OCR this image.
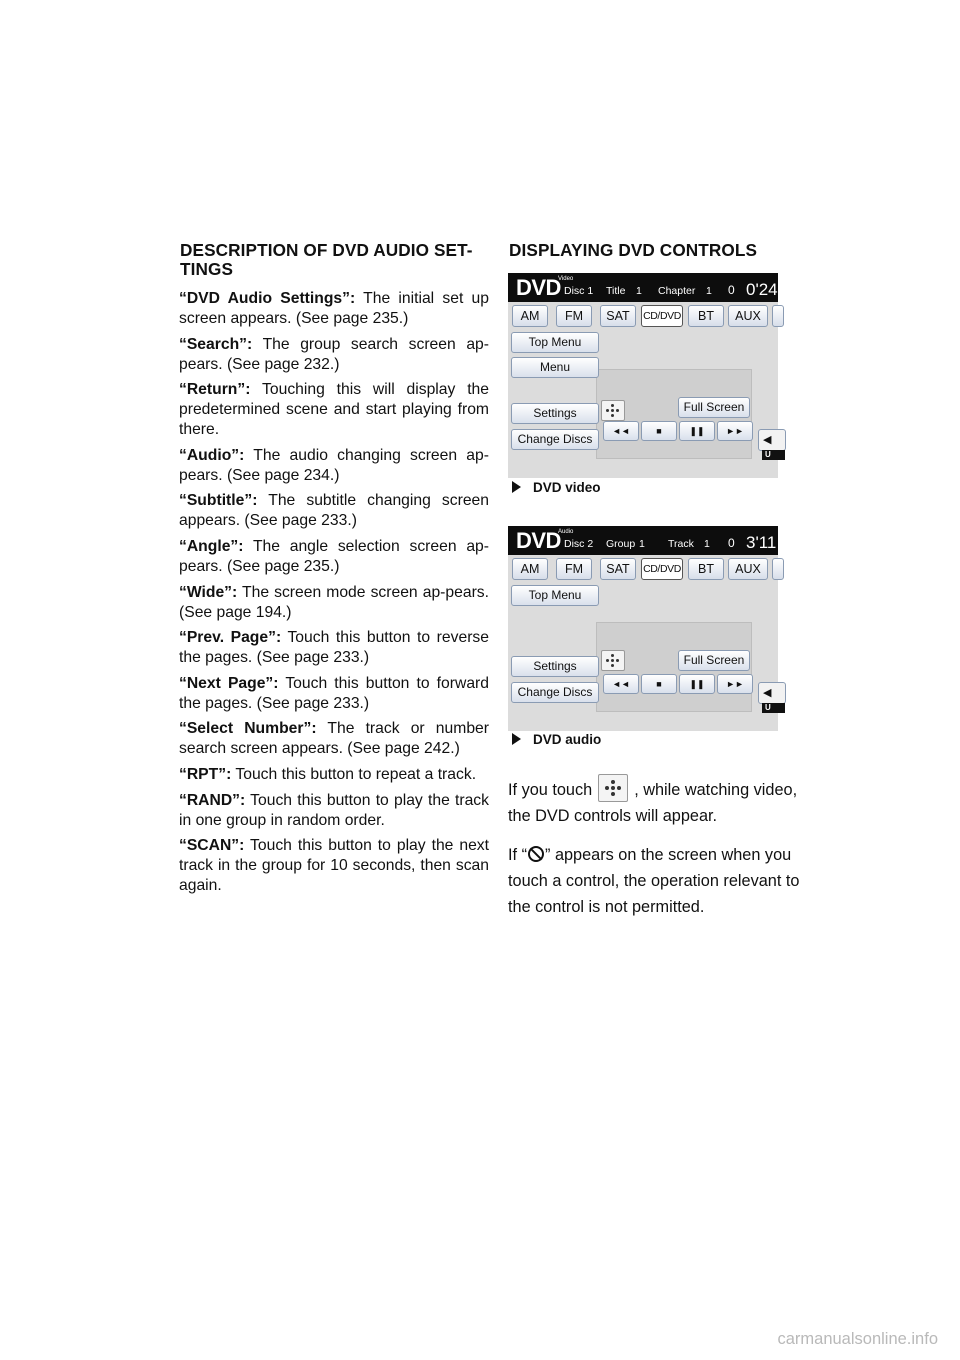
DESCRIPTION OF DVD AUDIO SET-
TINGS

“DVD Audio Settings”: The initial set up screen appears. (See page 235.)

“Search”: The group search screen ap-pears. (See page 232.)

“Return”: Touching this will display the predetermined scene and start playing from there.

“Audio”: The audio changing screen ap-pears. (See page 234.)

“Subtitle”: The subtitle changing screen appears. (See page 233.)

“Angle”: The angle selection screen ap-pears. (See page 235.)

“Wide”: The screen mode screen ap-pears. (See page 194.)

“Prev. Page”: Touch this button to reverse the pages. (See page 233.)

“Next Page”: Touch this button to forward the pages. (See page 233.)

“Select Number”: The track or number search screen appears. (See page 242.)

“RPT”: Touch this button to repeat a track.

“RAND”: Touch this button to play the track in one group in random order.

“SCAN”: Touch this button to play the next track in the group for 10 seconds, then scan again.

DISPLAYING DVD CONTROLS

DVD
Video
Disc 1 Title 1 Chapter 1 0 0'24
AM	FM	SAT	CD/DVD	BT	AUX
Top Menu
Menu
Settings
Change Discs
Full Screen
◄◄	■	❚❚	►►
◀
U
DVD video
DVD
Audio
Disc 2 Group 1 Track 1 0 3'11
AM	FM	SAT	CD/DVD	BT	AUX
Top Menu
Settings
Change Discs
Full Screen
◄◄	■	❚❚	►►
◀
U
DVD audio
If you touch	, while watching video, the DVD controls will appear.
If “ ” appears on the screen when you touch a control, the operation relevant to the control is not permitted.
carmanualsonline.info
